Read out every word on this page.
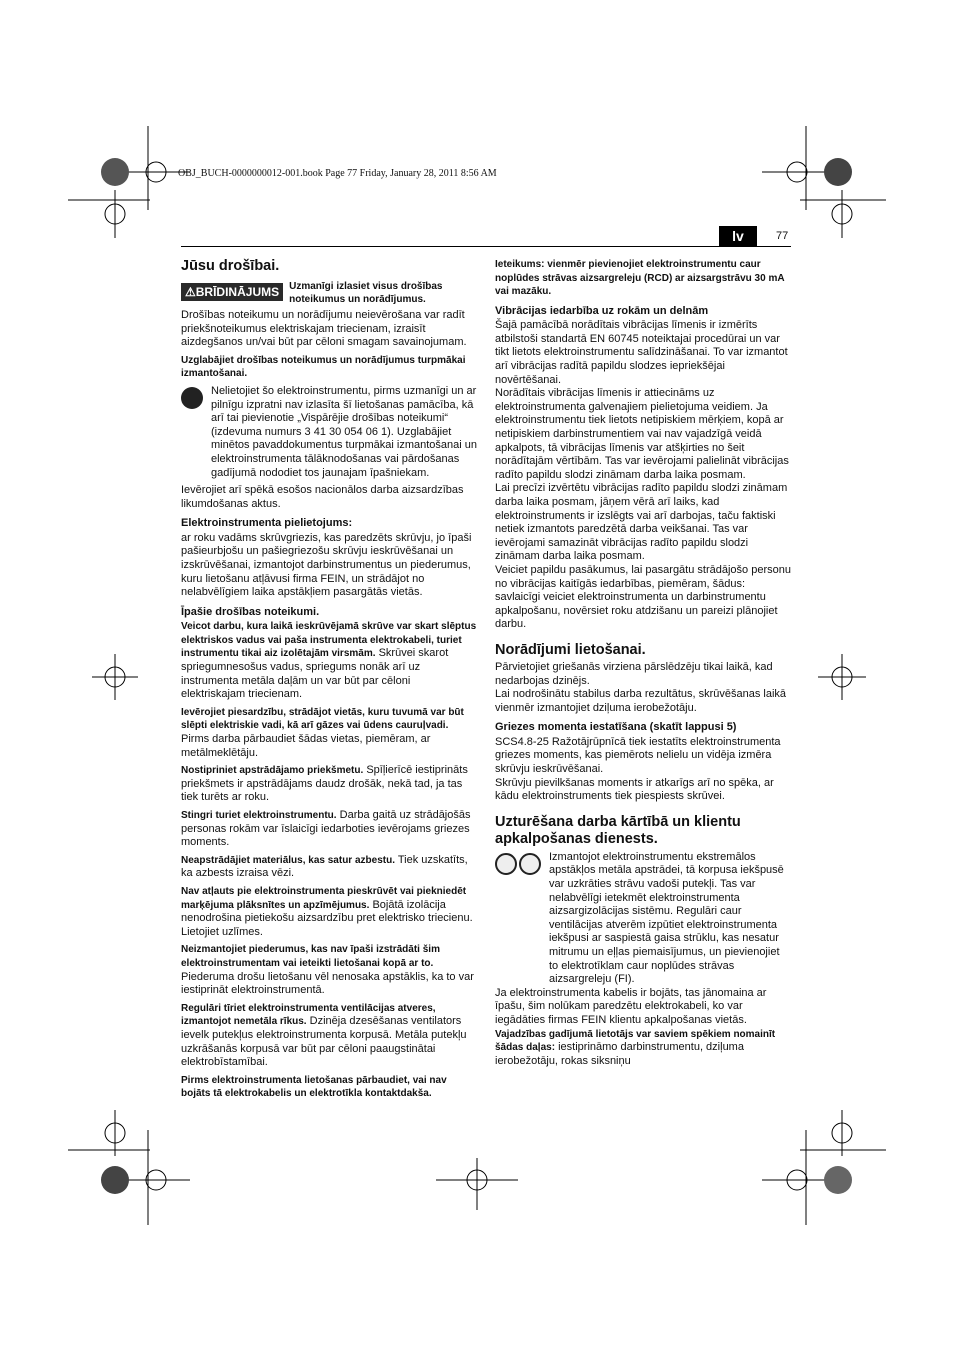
OBJ_BUCH-0000000012-001.book Page 77 Friday, January 28, 2011 8:56 AM
lv	77
Jūsu drošībai.
⚠BRĪDINĀJUMS	Uzmanīgi izlasiet visus drošības noteikumus un norādījumus.
Drošības noteikumu un norādījumu neievērošana var radīt priekšnoteikumus elektriskajam triecienam, izraisīt aizdegšanos un/vai būt par cēloni smagam savainojumam.
Uzglabājiet drošības noteikumus un norādījumus turpmākai izmantošanai.
Nelietojiet šo elektroinstrumentu, pirms uzmanīgi un ar pilnīgu izpratni nav izlasīta šī lietošanas pamācība, kā arī tai pievienotie „Vispārējie drošības noteikumi“ (izdevuma numurs 3 41 30 054 06 1). Uzglabājiet minētos pavaddokumentus turpmākai izmantošanai un elektroinstrumenta tālāknodošanas vai pārdošanas gadījumā nododiet tos jaunajam īpašniekam.
Ievērojiet arī spēkā esošos nacionālos darba aizsardzības likumdošanas aktus.
Elektroinstrumenta pielietojums:
ar roku vadāms skrūvgriezis, kas paredzēts skrūvju, jo īpaši pašieurbjošu un pašiegriezošu skrūvju ieskrūvēšanai un izskrūvēšanai, izmantojot darbinstrumentus un piederumus, kuru lietošanu atļāvusi firma FEIN, un strādājot no nelabvēlīgiem laika apstākļiem pasargātās vietās.
Īpašie drošības noteikumi.
Veicot darbu, kura laikā ieskrūvējamā skrūve var skart slēptus elektriskos vadus vai paša instrumenta elektrokabeli, turiet instrumentu tikai aiz izolētajām virsmām. Skrūvei skarot spriegumnesošus vadus, spriegums nonāk arī uz instrumenta metāla daļām un var būt par cēloni elektriskajam triecienam.
Ievērojiet piesardzību, strādājot vietās, kuru tuvumā var būt slēpti elektriskie vadi, kā arī gāzes vai ūdens cauruļvadi. Pirms darba pārbaudiet šādas vietas, piemēram, ar metālmeklētāju.
Nostipriniet apstrādājamo priekšmetu. Spīļierīcē iestiprināts priekšmets ir apstrādājams daudz drošāk, nekā tad, ja tas tiek turēts ar roku.
Stingri turiet elektroinstrumentu. Darba gaitā uz strādājošās personas rokām var īslaicīgi iedarboties ievērojams griezes moments.
Neapstrādājiet materiālus, kas satur azbestu. Tiek uzskatīts, ka azbests izraisa vēzi.
Nav atļauts pie elektroinstrumenta pieskrūvēt vai piekniedēt marķējuma plāksnītes un apzīmējumus. Bojātā izolācija nenodrošina pietiekošu aizsardzību pret elektrisko triecienu. Lietojiet uzlīmes.
Neizmantojiet piederumus, kas nav īpaši izstrādāti šim elektroinstrumentam vai ieteikti lietošanai kopā ar to. Piederuma drošu lietošanu vēl nenosaka apstāklis, ka to var iestiprināt elektroinstrumentā.
Regulāri tīriet elektroinstrumenta ventilācijas atveres, izmantojot nemetāla rīkus. Dzinēja dzesēšanas ventilators ievelk putekļus elektroinstrumenta korpusā. Metāla putekļu uzkrāšanās korpusā var būt par cēloni paaugstinātai elektrobīstamībai.
Pirms elektroinstrumenta lietošanas pārbaudiet, vai nav bojāts tā elektrokabelis un elektrotīkla kontaktdakša.
Ieteikums: vienmēr pievienojiet elektroinstrumentu caur noplūdes strāvas aizsargreleju (RCD) ar aizsargstrāvu 30 mA vai mazāku.
Vibrācijas iedarbība uz rokām un delnām
Šajā pamācībā norādītais vibrācijas līmenis ir izmērīts atbilstoši standartā EN 60745 noteiktajai procedūrai un var tikt lietots elektroinstrumentu salīdzināšanai. To var izmantot arī vibrācijas radītā papildu slodzes iepriekšējai novērtēšanai.
Norādītais vibrācijas līmenis ir attiecināms uz elektroinstrumenta galvenajiem pielietojuma veidiem. Ja elektroinstrumentu tiek lietots netipiskiem mērķiem, kopā ar netipiskiem darbinstrumentiem vai nav vajadzīgā veidā apkalpots, tā vibrācijas līmenis var atšķirties no šeit norādītajām vērtībām. Tas var ievērojami palielināt vibrācijas radīto papildu slodzi zināmam darba laika posmam.
Lai precīzi izvērtētu vibrācijas radīto papildu slodzi zināmam darba laika posmam, jāņem vērā arī laiks, kad elektroinstruments ir izslēgts vai arī darbojas, taču faktiski netiek izmantots paredzētā darba veikšanai. Tas var ievērojami samazināt vibrācijas radīto papildu slodzi zināmam darba laika posmam.
Veiciet papildu pasākumus, lai pasargātu strādājošo personu no vibrācijas kaitīgās iedarbības, piemēram, šādus: savlaicīgi veiciet elektroinstrumenta un darbinstrumentu apkalpošanu, novērsiet roku atdzišanu un pareizi plānojiet darbu.
Norādījumi lietošanai.
Pārvietojiet griešanās virziena pārslēdzēju tikai laikā, kad nedarbojas dzinējs.
Lai nodrošinātu stabilus darba rezultātus, skrūvēšanas laikā vienmēr izmantojiet dziļuma ierobežotāju.
Griezes momenta iestatīšana (skatīt lappusi 5)
SCS4.8-25 Ražotājrūpnīcā tiek iestatīts elektroinstrumenta griezes moments, kas piemērots nelielu un vidēja izmēra skrūvju ieskrūvēšanai.
Skrūvju pievilkšanas moments ir atkarīgs arī no spēka, ar kādu elektroinstruments tiek piespiests skrūvei.
Uzturēšana darba kārtībā un klientu apkalpošanas dienests.
Izmantojot elektroinstrumentu ekstremālos apstākļos metāla apstrādei, tā korpusa iekšpusē var uzkrāties strāvu vadoši putekļi. Tas var nelabvēlīgi ietekmēt elektroinstrumenta aizsargizolācijas sistēmu. Regulāri caur ventilācijas atverēm izpūtiet elektroinstrumenta iekšpusi ar saspiestā gaisa strūklu, kas nesatur mitrumu un eļļas piemaisījumus, un pievienojiet to elektrotīklam caur noplūdes strāvas aizsargreleju (FI).
Ja elektroinstrumenta kabelis ir bojāts, tas jānomaina ar īpašu, šim nolūkam paredzētu elektrokabeli, ko var iegādāties firmas FEIN klientu apkalpošanas vietās.
Vajadzības gadījumā lietotājs var saviem spēkiem nomainīt šādas daļas: iestiprināmo darbinstrumentu, dziļuma ierobežotāju, rokas siksniņu
